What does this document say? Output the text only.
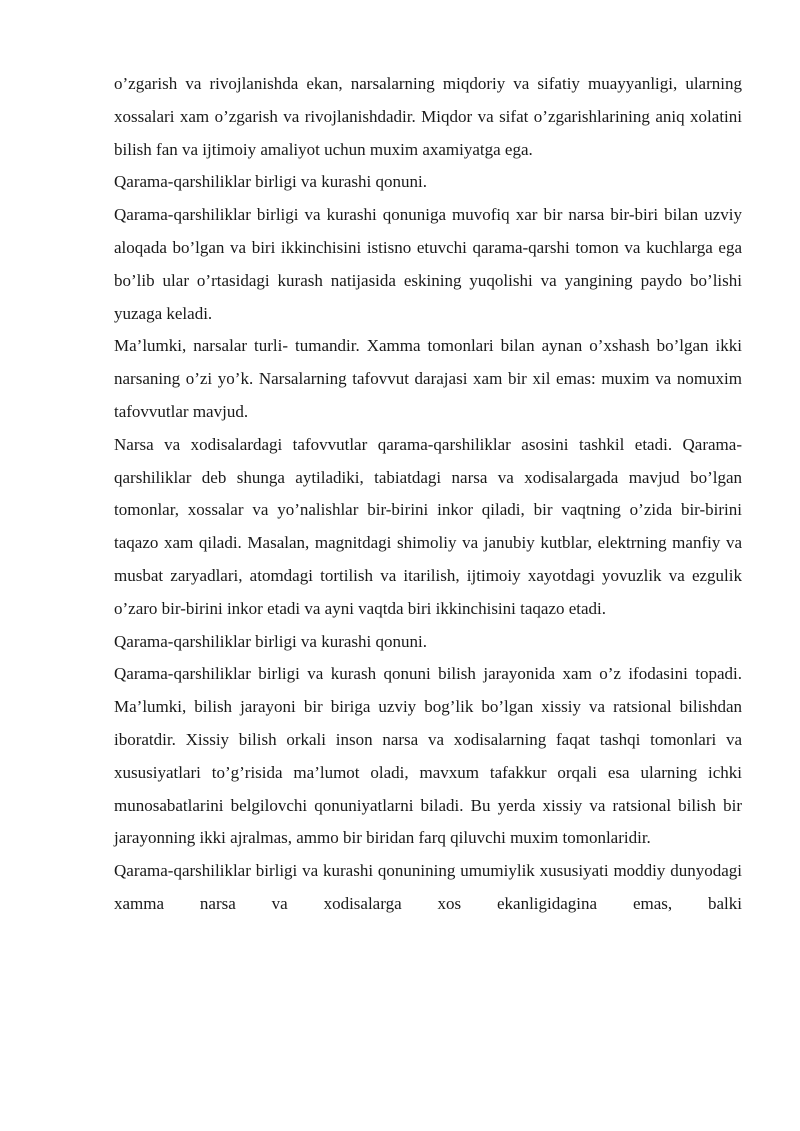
o’zgarish va rivojlanishda ekan, narsalarning miqdoriy va sifatiy muayyanligi, ularning xossalari xam o’zgarish va rivojlanishdadir. Miqdor va sifat o’zgarishlarining aniq xolatini bilish fan va ijtimoiy amaliyot uchun muxim axamiyatga ega.

Qarama-qarshiliklar birligi va kurashi qonuni.

Qarama-qarshiliklar birligi va kurashi qonuniga muvofiq xar bir narsa bir-biri bilan uzviy aloqada bo’lgan va biri ikkinchisini istisno etuvchi qarama-qarshi tomon va kuchlarga ega bo’lib ular o’rtasidagi kurash natijasida eskining yuqolishi va yangining paydo bo’lishi yuzaga keladi.

Ma’lumki, narsalar turli- tumandir. Xamma tomonlari bilan aynan o’xshash bo’lgan ikki narsaning o’zi yo’k. Narsalarning tafovvut darajasi xam bir xil emas: muxim va nomuxim tafovvutlar mavjud.

Narsa va xodisalardagi tafovvutlar qarama-qarshiliklar asosini tashkil etadi. Qarama-qarshiliklar deb shunga aytiladiki, tabiatdagi narsa va xodisalargada mavjud bo’lgan tomonlar, xossalar va yo’nalishlar bir-birini inkor qiladi, bir vaqtning o’zida bir-birini taqazo xam qiladi. Masalan, magnitdagi shimoliy va janubiy kutblar, elektrning manfiy va musbat zaryadlari, atomdagi tortilish va itarilish, ijtimoiy xayotdagi yovuzlik va ezgulik o’zaro bir-birini inkor etadi va ayni vaqtda biri ikkinchisini taqazo etadi.

Qarama-qarshiliklar birligi va kurashi qonuni.

Qarama-qarshiliklar birligi va kurash qonuni bilish jarayonida xam o’z ifodasini topadi. Ma’lumki, bilish jarayoni bir biriga uzviy bog’lik bo’lgan xissiy va ratsional bilishdan iboratdir. Xissiy bilish orkali inson narsa va xodisalarning faqat tashqi tomonlari va xususiyatlari to’g’risida ma’lumot oladi, mavxum tafakkur orqali esa ularning ichki munosabatlarini belgilovchi qonuniyatlarni biladi. Bu yerda xissiy va ratsional bilish bir jarayonning ikki ajralmas, ammo bir biridan farq qiluvchi muxim tomonlaridir.

Qarama-qarshiliklar birligi va kurashi qonunining umumiylik xususiyati moddiy dunyodagi xamma narsa va xodisalarga xos ekanligidagina emas, balki
